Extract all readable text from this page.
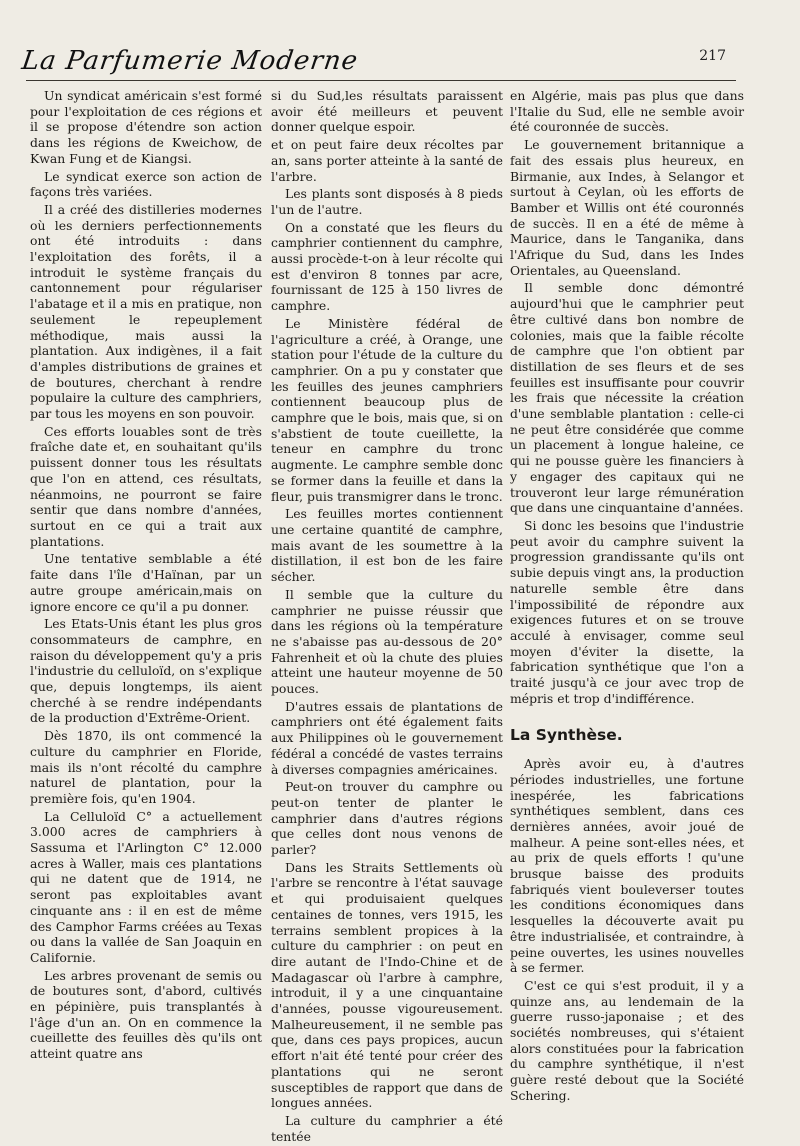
La Parfumerie Moderne	217

Un syndicat américain s'est formé pour l'exploitation de ces régions et il se propose d'étendre son action dans les régions de Kweichow, de Kwan Fung et de Kiangsi.

Le syndicat exerce son action de façons très variées.

Il a créé des distilleries modernes où les derniers perfectionnements ont été introduits : dans l'exploitation des forêts, il a introduit le système français du cantonnement pour régulariser l'abatage et il a mis en pratique, non seulement le repeuplement méthodique, mais aussi la plantation. Aux indigènes, il a fait d'amples distributions de graines et de boutures, cherchant à rendre populaire la culture des camphriers, par tous les moyens en son pouvoir.

Ces efforts louables sont de très fraîche date et, en souhaitant qu'ils puissent donner tous les résultats que l'on en attend, ces résultats, néanmoins, ne pourront se faire sentir que dans nombre d'années, surtout en ce qui a trait aux plantations.

Une tentative semblable a été faite dans l'île d'Haïnan, par un autre groupe américain,mais on ignore encore ce qu'il a pu donner.

Les Etats-Unis étant les plus gros consommateurs de camphre, en raison du développement qu'y a pris l'industrie du celluloïd, on s'explique que, depuis longtemps, ils aient cherché à se rendre indépendants de la production d'Extrême-Orient.

Dès 1870, ils ont commencé la culture du camphrier en Floride, mais ils n'ont récolté du camphre naturel de plantation, pour la première fois, qu'en 1904.

La Celluloïd C° a actuellement 3.000 acres de camphriers à Sassuma et l'Arlington C° 12.000 acres à Waller, mais ces plantations qui ne datent que de 1914, ne seront pas exploitables avant cinquante ans : il en est de même des Camphor Farms créées au Texas ou dans la vallée de San Joaquin en Californie.

Les arbres provenant de semis ou de boutures sont, d'abord, cultivés en pépinière, puis transplantés à l'âge d'un an. On en commence la cueillette des feuilles dès qu'ils ont atteint quatre ans

si du Sud,les résultats paraissent avoir été meilleurs et peuvent donner quelque espoir.

et on peut faire deux récoltes par an, sans porter atteinte à la santé de l'arbre.

Les plants sont disposés à 8 pieds l'un de l'autre.

On a constaté que les fleurs du camphrier contiennent du camphre, aussi procède-t-on à leur récolte qui est d'environ 8 tonnes par acre, fournissant de 125 à 150 livres de camphre.

Le Ministère fédéral de l'agriculture a créé, à Orange, une station pour l'étude de la culture du camphrier. On a pu y constater que les feuilles des jeunes camphriers contiennent beaucoup plus de camphre que le bois, mais que, si on s'abstient de toute cueillette, la teneur en camphre du tronc augmente. Le camphre semble donc se former dans la feuille et dans la fleur, puis transmigrer dans le tronc.

Les feuilles mortes contiennent une certaine quantité de camphre, mais avant de les soumettre à la distillation, il est bon de les faire sécher.

Il semble que la culture du camphrier ne puisse réussir que dans les régions où la température ne s'abaisse pas au-dessous de 20° Fahrenheit et où la chute des pluies atteint une hauteur moyenne de 50 pouces.

D'autres essais de plantations de camphriers ont été également faits aux Philippines où le gouvernement fédéral a concédé de vastes terrains à diverses compagnies américaines.

Peut-on trouver du camphre ou peut-on tenter de planter le camphrier dans d'autres régions que celles dont nous venons de parler?

Dans les Straits Settlements où l'arbre se rencontre à l'état sauvage et qui produisaient quelques centaines de tonnes, vers 1915, les terrains semblent propices à la culture du camphrier : on peut en dire autant de l'Indo-Chine et de Madagascar où l'arbre à camphre, introduit, il y a une cinquantaine d'années, pousse vigoureusement. Malheureusement, il ne semble pas que, dans ces pays propices, aucun effort n'ait été tenté pour créer des plantations qui ne seront susceptibles de rapport que dans de longues années.

La culture du camphrier a été tentée

en Algérie, mais pas plus que dans l'Italie du Sud, elle ne semble avoir été couronnée de succès.

Le gouvernement britannique a fait des essais plus heureux, en Birmanie, aux Indes, à Selangor et surtout à Ceylan, où les efforts de Bamber et Willis ont été couronnés de succès. Il en a été de même à Maurice, dans le Tanganika, dans l'Afrique du Sud, dans les Indes Orientales, au Queensland.

Il semble donc démontré aujourd'hui que le camphrier peut être cultivé dans bon nombre de colonies, mais que la faible récolte de camphre que l'on obtient par distillation de ses fleurs et de ses feuilles est insuffisante pour couvrir les frais que nécessite la création d'une semblable plantation : celle-ci ne peut être considérée que comme un placement à longue haleine, ce qui ne pousse guère les financiers à y engager des capitaux qui ne trouveront leur large rémunération que dans une cinquantaine d'années.

Si donc les besoins que l'industrie peut avoir du camphre suivent la progression grandissante qu'ils ont subie depuis vingt ans, la production naturelle semble être dans l'impossibilité de répondre aux exigences futures et on se trouve acculé à envisager, comme seul moyen d'éviter la disette, la fabrication synthétique que l'on a traité jusqu'à ce jour avec trop de mépris et trop d'indifférence.

La Synthèse.

Après avoir eu, à d'autres périodes industrielles, une fortune inespérée, les fabrications synthétiques semblent, dans ces dernières années, avoir joué de malheur. A peine sont-elles nées, et au prix de quels efforts ! qu'une brusque baisse des produits fabriqués vient bouleverser toutes les conditions économiques dans lesquelles la découverte avait pu être industrialisée, et contraindre, à peine ouvertes, les usines nouvelles à se fermer.

C'est ce qui s'est produit, il y a quinze ans, au lendemain de la guerre russo-japonaise ; et des sociétés nombreuses, qui s'étaient alors constituées pour la fabrication du camphre synthétique, il n'est guère resté debout que la Société Schering.
